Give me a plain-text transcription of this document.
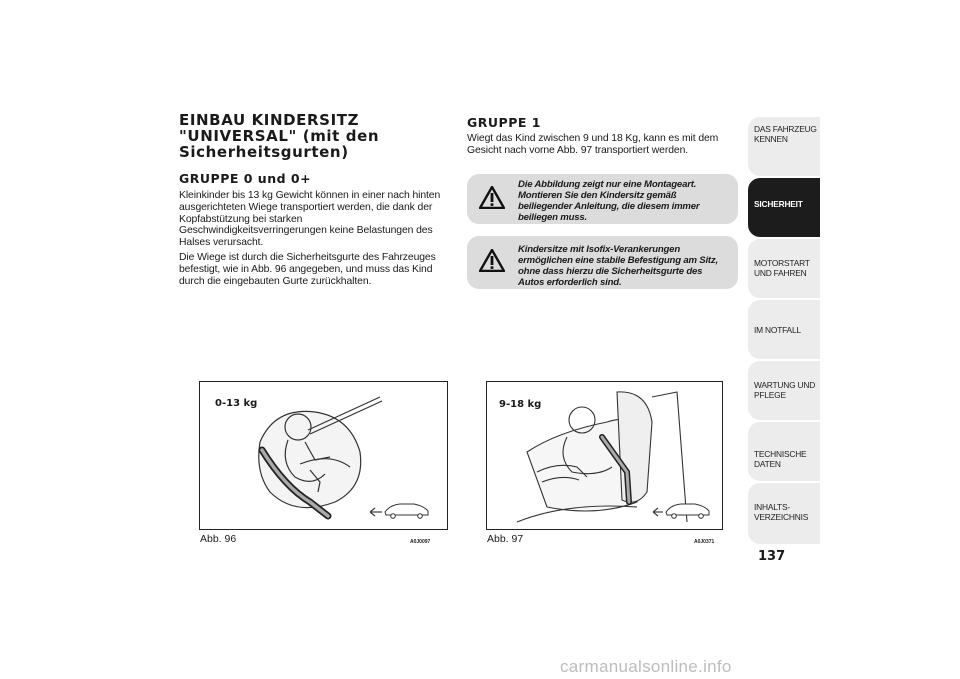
EINBAU KINDERSITZ "UNIVERSAL" (mit den Sicherheitsgurten)
GRUPPE 0 und 0+

Kleinkinder bis 13 kg Gewicht können in einer nach hinten ausgerichteten Wiege transportiert werden, die dank der Kopfabstützung bei starken Geschwindigkeitsverringerungen keine Belastungen des Halses verursacht.

Die Wiege ist durch die Sicherheitsgurte des Fahrzeuges befestigt, wie in Abb. 96 angegeben, und muss das Kind durch die eingebauten Gurte zurückhalten.

GRUPPE 1

Wiegt das Kind zwischen 9 und 18 Kg, kann es mit dem Gesicht nach vorne Abb. 97 transportiert werden.

Die Abbildung zeigt nur eine Montageart. Montieren Sie den Kindersitz gemäß beiliegender Anleitung, die diesem immer beiliegen muss.
Kindersitze mit Isofix-Verankerungen ermöglichen eine stabile Befestigung am Sitz, ohne dass hierzu die Sicherheitsgurte des Autos erforderlich sind.
0-13 kg
Abb. 96	A0J0097
9-18 kg
Abb. 97	A0J0371
DAS FAHRZEUG KENNEN
SICHERHEIT
MOTORSTART UND FAHREN
IM NOTFALL
WARTUNG UND PFLEGE
TECHNISCHE DATEN
INHALTS- VERZEICHNIS
137
carmanualsonline.info
